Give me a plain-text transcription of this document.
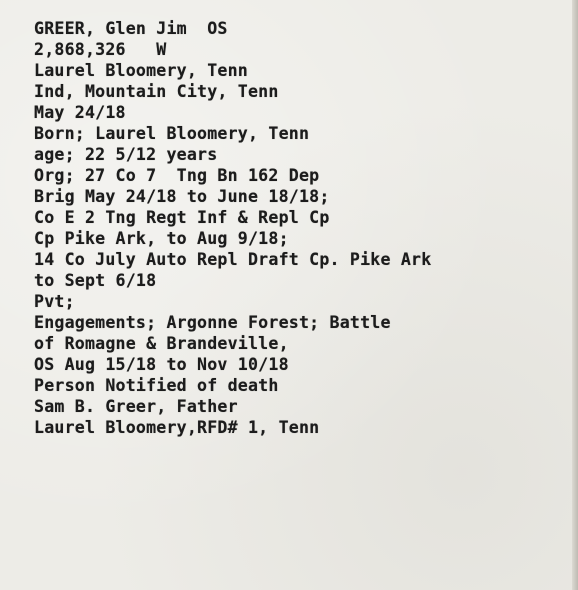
GREER, Glen Jim  OS
2,868,326   W
Laurel Bloomery, Tenn
Ind, Mountain City, Tenn
May 24/18
Born; Laurel Bloomery, Tenn
age; 22 5/12 years
Org; 27 Co 7  Tng Bn 162 Dep
Brig May 24/18 to June 18/18;
Co E 2 Tng Regt Inf & Repl Cp
Cp Pike Ark, to Aug 9/18;
14 Co July Auto Repl Draft Cp. Pike Ark
to Sept 6/18
Pvt;
Engagements; Argonne Forest; Battle
of Romagne & Brandeville,
OS Aug 15/18 to Nov 10/18
Person Notified of death
Sam B. Greer, Father
Laurel Bloomery,RFD# 1, Tenn
